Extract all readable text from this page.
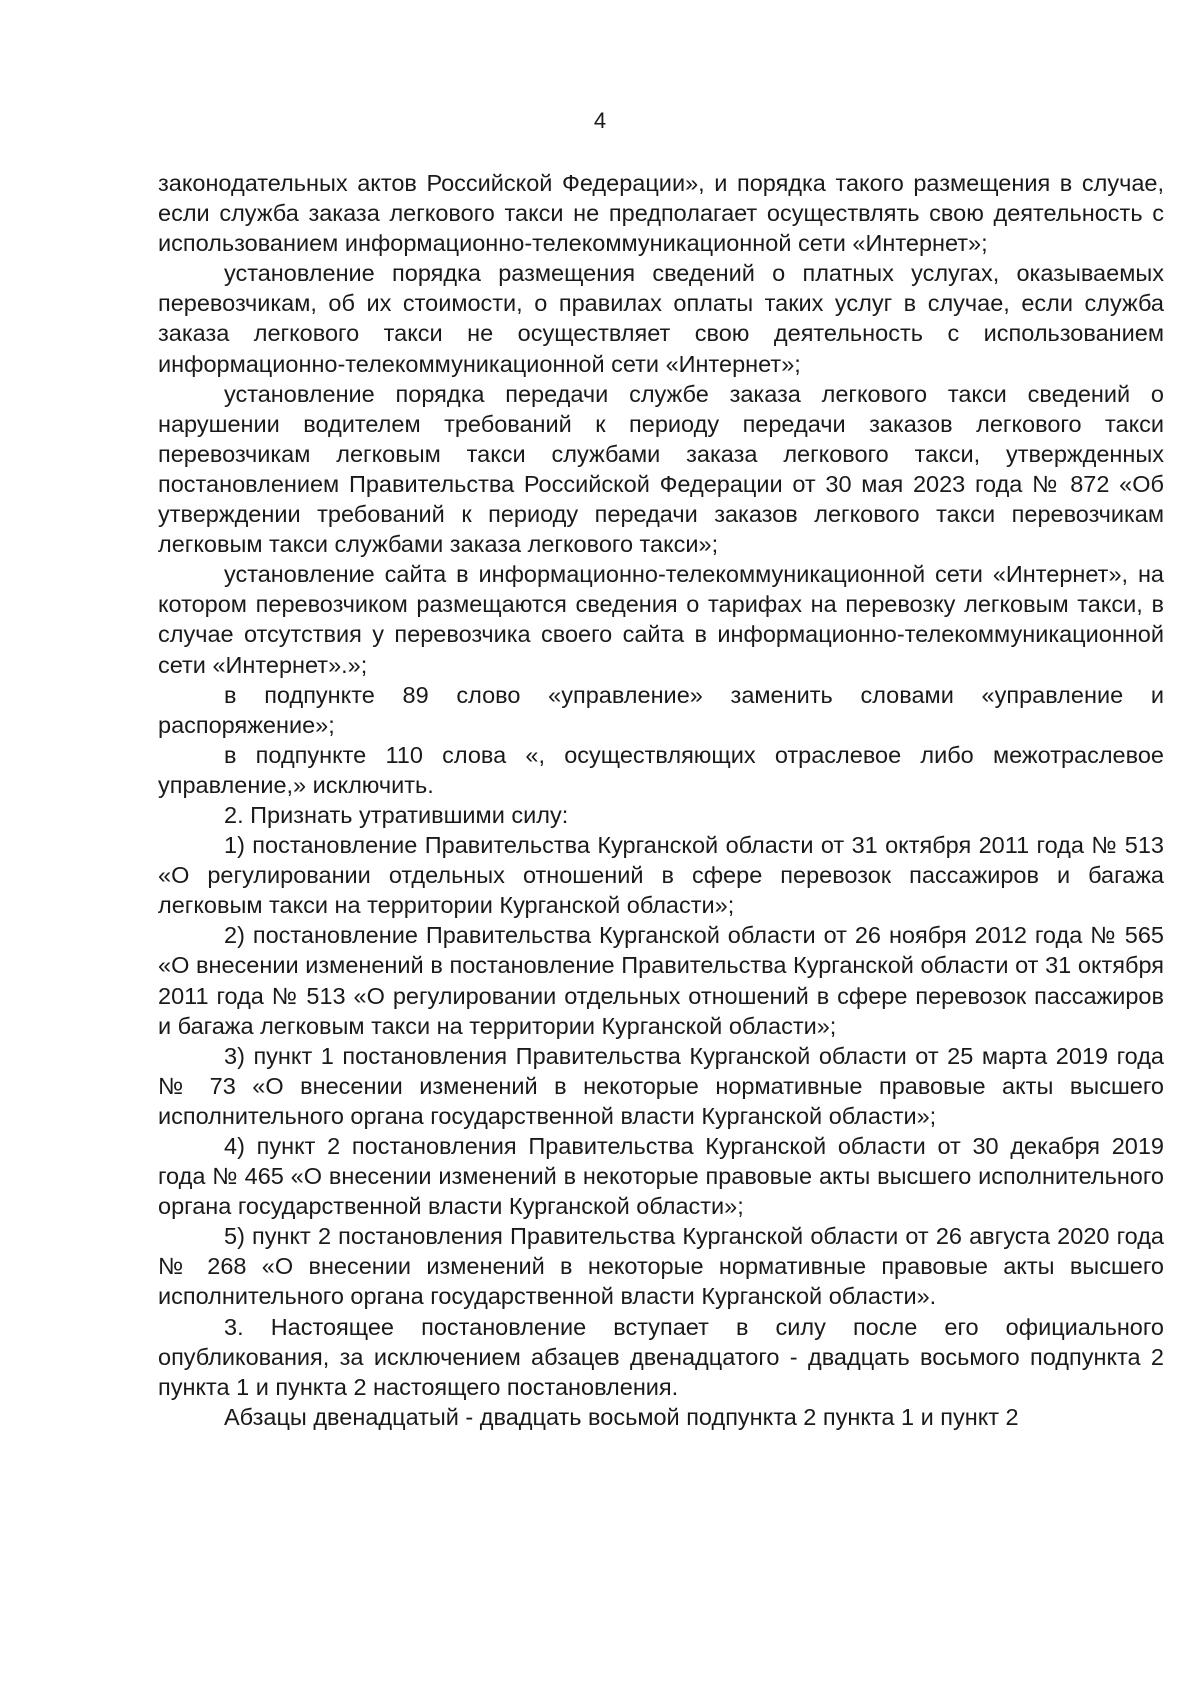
4

законодательных актов Российской Федерации», и порядка такого размещения в случае, если служба заказа легкового такси не предполагает осуществлять свою деятельность с использованием информационно-телекоммуникационной сети «Интернет»;

установление порядка размещения сведений о платных услугах, оказываемых перевозчикам, об их стоимости, о правилах оплаты таких услуг в случае, если служба заказа легкового такси не осуществляет свою деятельность с использованием информационно-телекоммуникационной сети «Интернет»;

установление порядка передачи службе заказа легкового такси сведений о нарушении водителем требований к периоду передачи заказов легкового такси перевозчикам легковым такси службами заказа легкового такси, утвержденных постановлением Правительства Российской Федерации от 30 мая 2023 года № 872 «Об утверждении требований к периоду передачи заказов легкового такси перевозчикам легковым такси службами заказа легкового такси»;

установление сайта в информационно-телекоммуникационной сети «Интернет», на котором перевозчиком размещаются сведения о тарифах на перевозку легковым такси, в случае отсутствия у перевозчика своего сайта в информационно-телекоммуникационной сети «Интернет».»;

в подпункте 89 слово «управление» заменить словами «управление и распоряжение»;

в подпункте 110 слова «, осуществляющих отраслевое либо межотраслевое управление,» исключить.

2. Признать утратившими силу:

1) постановление Правительства Курганской области от 31 октября 2011 года № 513 «О регулировании отдельных отношений в сфере перевозок пассажиров и багажа легковым такси на территории Курганской области»;

2) постановление Правительства Курганской области от 26 ноября 2012 года № 565 «О внесении изменений в постановление Правительства Курганской области от 31 октября 2011 года № 513 «О регулировании отдельных отношений в сфере перевозок пассажиров и багажа легковым такси на территории Курганской области»;

3) пункт 1 постановления Правительства Курганской области от 25 марта 2019 года № 73 «О внесении изменений в некоторые нормативные правовые акты высшего исполнительного органа государственной власти Курганской области»;

4) пункт 2 постановления Правительства Курганской области от 30 декабря 2019 года № 465 «О внесении изменений в некоторые правовые акты высшего исполнительного органа государственной власти Курганской области»;

5) пункт 2 постановления Правительства Курганской области от 26 августа 2020 года № 268 «О внесении изменений в некоторые нормативные правовые акты высшего исполнительного органа государственной власти Курганской области».

3. Настоящее постановление вступает в силу после его официального опубликования, за исключением абзацев двенадцатого - двадцать восьмого подпункта 2 пункта 1 и пункта 2 настоящего постановления.

Абзацы двенадцатый - двадцать восьмой подпункта 2 пункта 1 и пункт 2
